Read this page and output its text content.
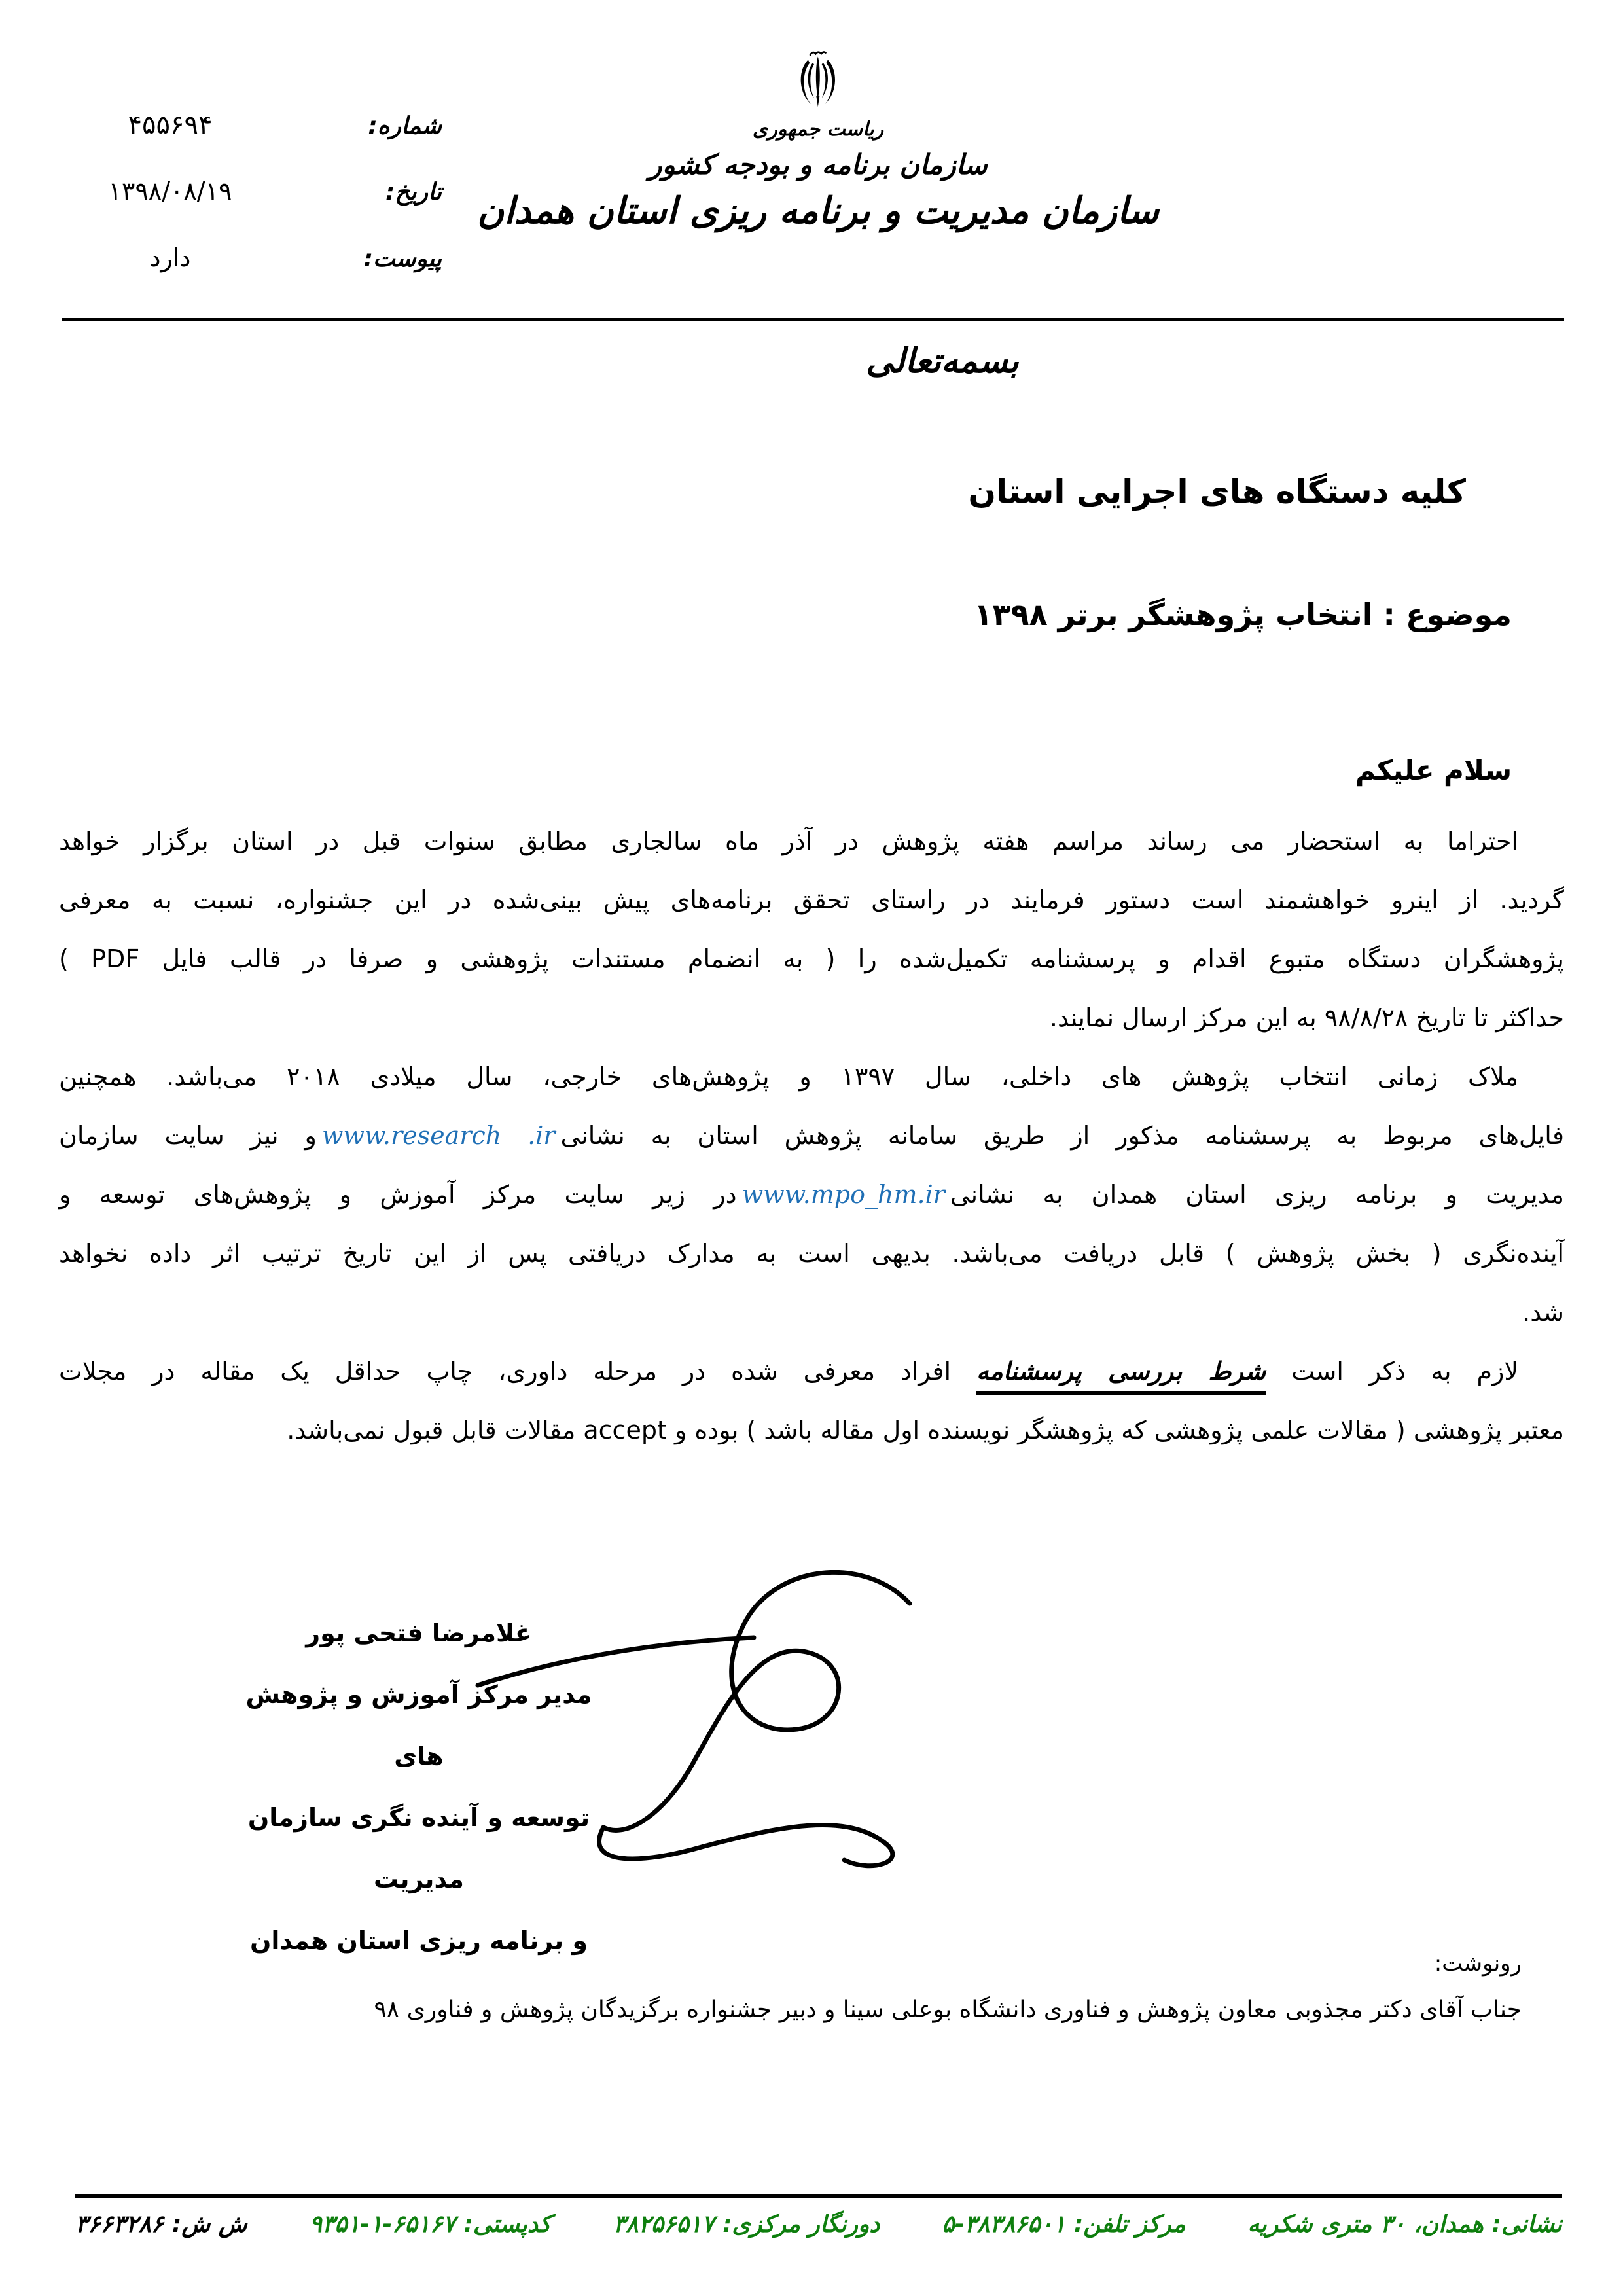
شماره:
۴۵۵۶۹۴
تاریخ:
۱۳۹۸/۰۸/۱۹
پیوست:
دارد
ریاست جمهوری
سازمان برنامه و بودجه کشور
سازمان مدیریت و برنامه ریزی استان همدان
بسمه‌تعالی
کلیه دستگاه های اجرایی استان
موضوع : انتخاب پژوهشگر برتر ۱۳۹۸
سلام علیکم
احتراما به استحضار می رساند مراسم هفته پژوهش در آذر ماه سالجاری مطابق سنوات قبل در استان برگزار خواهد
گردید. از اینرو خواهشمند است دستور فرمایند در راستای تحقق برنامه‌های پیش بینی‌شده در این جشنواره، نسبت به معرفی
پژوهشگران دستگاه متبوع اقدام و پرسشنامه تکمیل‌شده را ( به انضمام مستندات پژوهشی و صرفا در قالب فایل PDF )
حداکثر تا تاریخ ۹۸/۸/۲۸ به این مرکز ارسال نمایند.
ملاک زمانی انتخاب پژوهش های داخلی، سال ۱۳۹۷ و پژوهش‌های خارجی، سال میلادی ۲۰۱۸ می‌باشد. همچنین
فایل‌های مربوط به پرسشنامه مذکور از طریق سامانه پژوهش استان به نشانیwww.research .irو نیز سایت سازمان
مدیریت و برنامه ریزی استان همدان به نشانیwww.mpo_hm.irدر زیر سایت مرکز آموزش و پژوهش‌های توسعه و
آینده‌نگری ( بخش پژوهش ) قابل دریافت می‌باشد. بدیهی است به مدارک دریافتی پس از این تاریخ ترتیب اثر داده نخواهد
شد.
لازم به ذکر است شرط بررسی پرسشنامه افراد معرفی شده در مرحله داوری، چاپ حداقل یک مقاله در مجلات
معتبر پژوهشی ( مقالات علمی پژوهشی که پژوهشگر نویسنده اول مقاله باشد ) بوده و accept مقالات قابل قبول نمی‌باشد.
غلامرضا فتحی پور
مدیر مرکز آموزش و پژوهش های
توسعه و آینده نگری سازمان مدیریت
و برنامه ریزی استان همدان
رونوشت:
جناب آقای دکتر مجذوبی معاون پژوهش و فناوری دانشگاه بوعلی سینا و دبیر جشنواره برگزیدگان پژوهش و فناوری ۹۸
نشانی: همدان، ۳۰ متری شکریه
مرکز تلفن: ۳۸۳۸۶۵۰۱-۵
دورنگار مرکزی: ۳۸۲۵۶۵۱۷
کدپستی: ۶۵۱۶۷-۱-۹۳۵۱
ش ش: ۳۶۶۳۲۸۶
